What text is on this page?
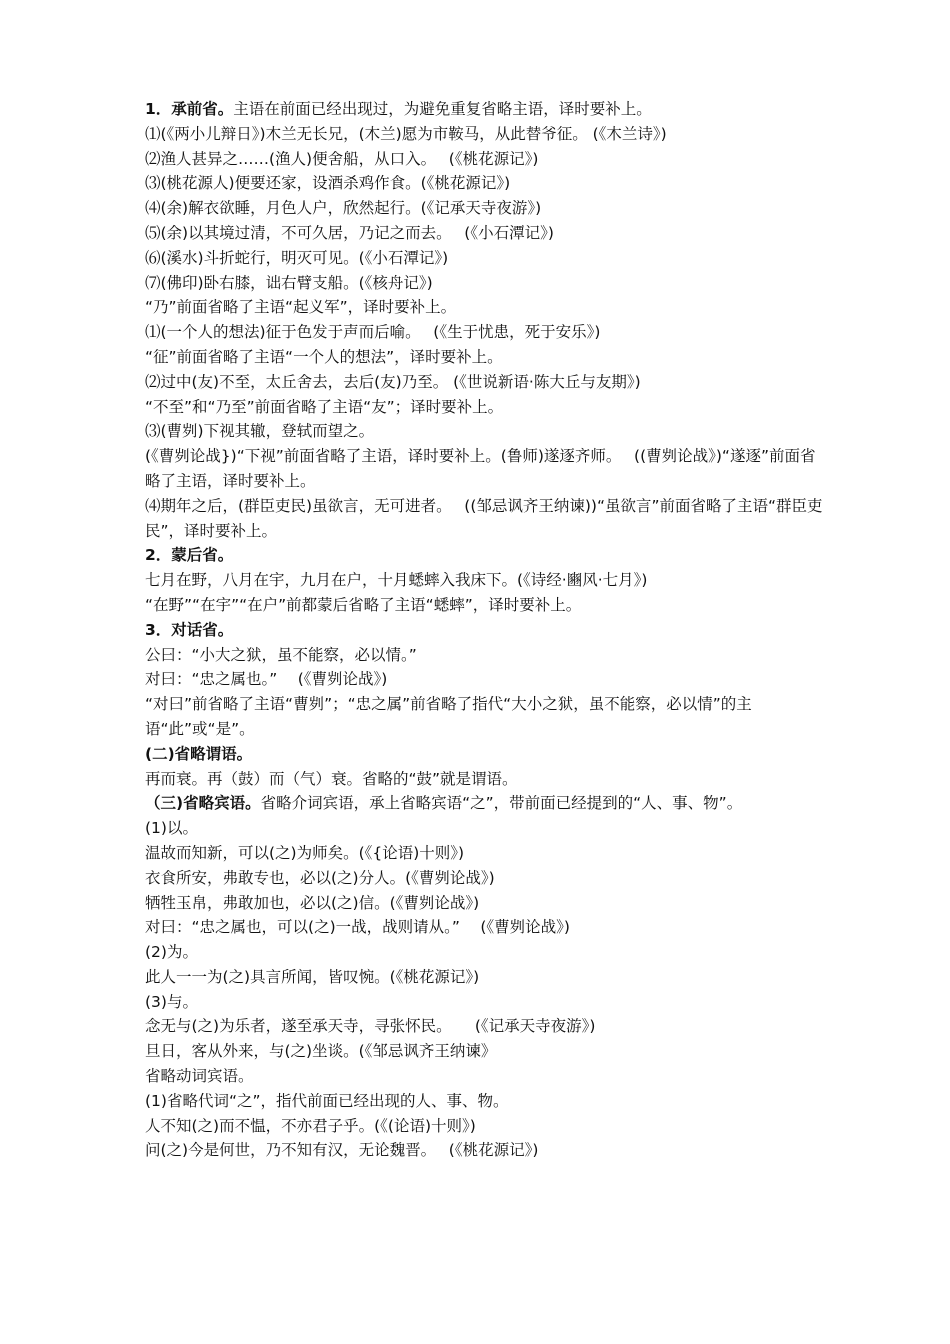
1．承前省。主语在前面已经出现过，为避免重复省略主语，译时要补上。

⑴(《两小儿辩日》)木兰无长兄，(木兰)愿为市鞍马，从此替爷征。 (《木兰诗》)

⑵渔人甚异之……(渔人)便舍船，从口入。　 (《桃花源记》)

⑶(桃花源人)便要还家，设酒杀鸡作食。(《桃花源记》)

⑷(余)解衣欲睡，月色人户，欣然起行。(《记承天寺夜游》)

⑸(余)以其境过清，不可久居，乃记之而去。　 (《小石潭记》)

⑹(溪水)斗折蛇行，明灭可见。(《小石潭记》)

⑺(佛印)卧右膝，诎右臂支船。(《核舟记》)

“乃”前面省略了主语“起义军”，译时要补上。

⑴(一个人的想法)征于色发于声而后喻。　 (《生于忧患，死于安乐》)

“征”前面省略了主语“一个人的想法”，译时要补上。

⑵过中(友)不至，太丘舍去，去后(友)乃至。 (《世说新语·陈大丘与友期》)

“不至”和“乃至”前面省略了主语“友”；译时要补上。

⑶(曹刿)下视其辙，登轼而望之。

(《曹刿论战})“下视”前面省略了主语，译时要补上。(鲁师)遂逐齐师。　 ((曹刿论战》)“遂逐”前面省略了主语，译时要补上。

⑷期年之后，(群臣吏民)虽欲言，无可进者。　 ((邹忌讽齐王纳谏))“虽欲言”前面省略了主语“群臣吏民”，译时要补上。

2．蒙后省。

七月在野，八月在宇，九月在户，十月蟋蟀入我床下。(《诗经·豳风·七月》)

“在野”“在宇”“在户”前都蒙后省略了主语“蟋蟀”，译时要补上。

3．对话省。

公曰：“小大之狱，虽不能察，必以情。”

对曰：“忠之属也。”　 (《曹刿论战》)

“对曰”前省略了主语“曹刿”；“忠之属”前省略了指代“大小之狱，虽不能察，必以情”的主语“此”或“是”。

(二)省略谓语。

再而衰。再（鼓）而（气）衰。省略的“鼓”就是谓语。

（三)省略宾语。省略介词宾语，承上省略宾语“之”，带前面已经提到的“人、事、物”。

(1)以。

温故而知新，可以(之)为师矣。(《{论语)十则》)

衣食所安，弗敢专也，必以(之)分人。(《曹刿论战》)

牺牲玉帛，弗敢加也，必以(之)信。(《曹刿论战》)

对曰：“忠之属也，可以(之)一战，战则请从。”　 (《曹刿论战》)

(2)为。

此人一一为(之)具言所闻，皆叹惋。(《桃花源记》)

(3)与。

念无与(之)为乐者，遂至承天寺，寻张怀民。　　(《记承天寺夜游》)

旦日，客从外来，与(之)坐谈。(《邹忌讽齐王纳谏》

省略动词宾语。

(1)省略代词“之”，指代前面已经出现的人、事、物。

人不知(之)而不愠，不亦君子乎。(《(论语)十则》)

问(之)今是何世，乃不知有汉，无论魏晋。　 (《桃花源记》)
